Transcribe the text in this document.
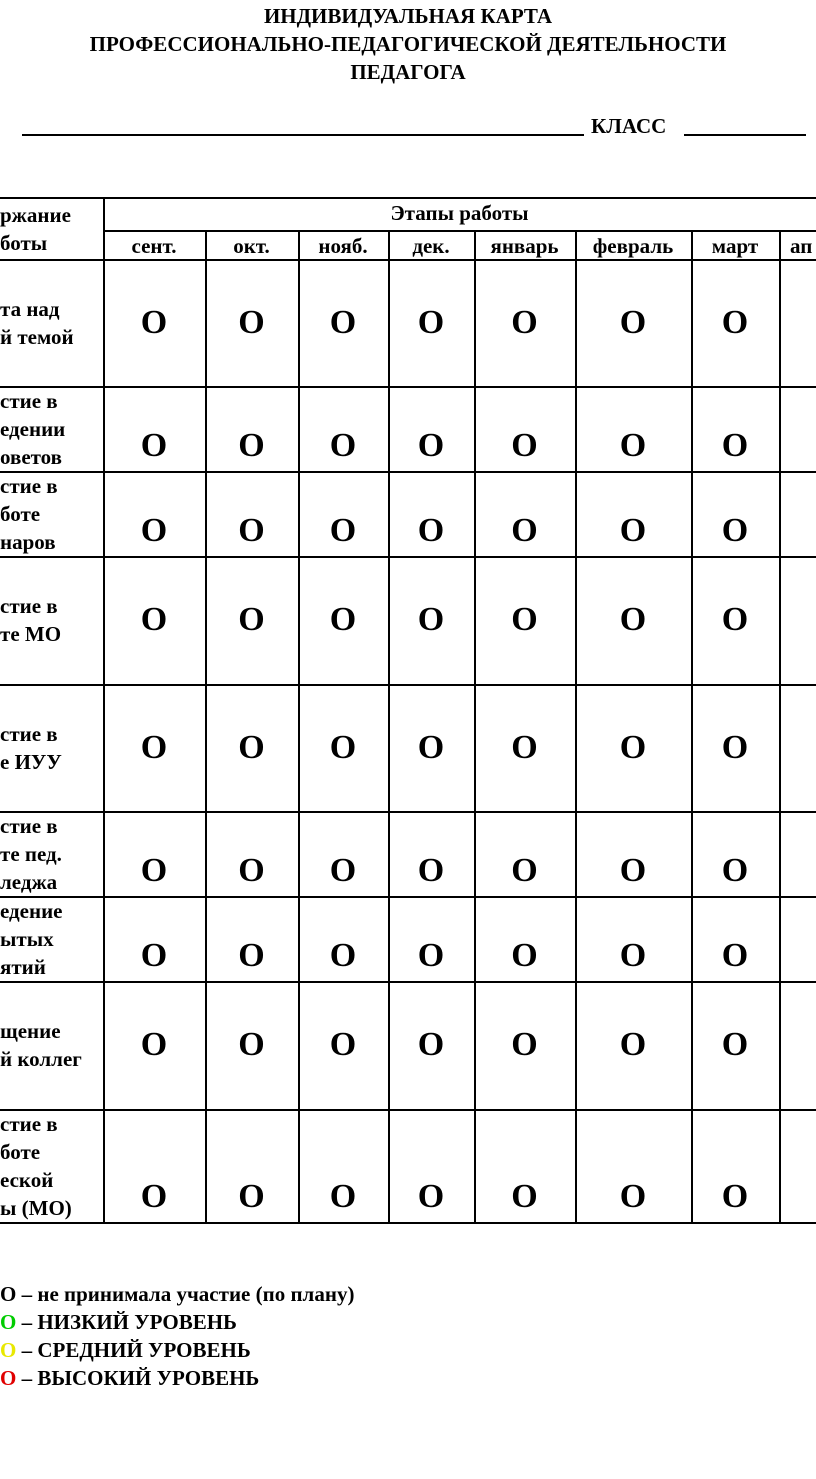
ИНДИВИДУАЛЬНАЯ КАРТА
ПРОФЕССИОНАЛЬНО-ПЕДАГОГИЧЕСКОЙ ДЕЯТЕЛЬНОСТИ
ПЕДАГОГА
КЛАСС
ржание
боты
Этапы работы
сент.	окт.	нояб.	дек.	январь	февраль	март	ап
та над
й темой	О	О	О	О	О	О	О
стие в
едении
оветов	О	О	О	О	О	О	О
стие в
боте
наров	О	О	О	О	О	О	О
стие в
те МО	О	О	О	О	О	О	О
стие в
е ИУУ	О	О	О	О	О	О	О
стие в
те пед.
леджа	О	О	О	О	О	О	О
едение
ытых
ятий	О	О	О	О	О	О	О
щение
й коллег	О	О	О	О	О	О	О
стие в
боте
еской
ы (МО)	О	О	О	О	О	О	О
О – не принимала участие (по плану)
О – НИЗКИЙ УРОВЕНЬ
О – СРЕДНИЙ УРОВЕНЬ
О – ВЫСОКИЙ УРОВЕНЬ
